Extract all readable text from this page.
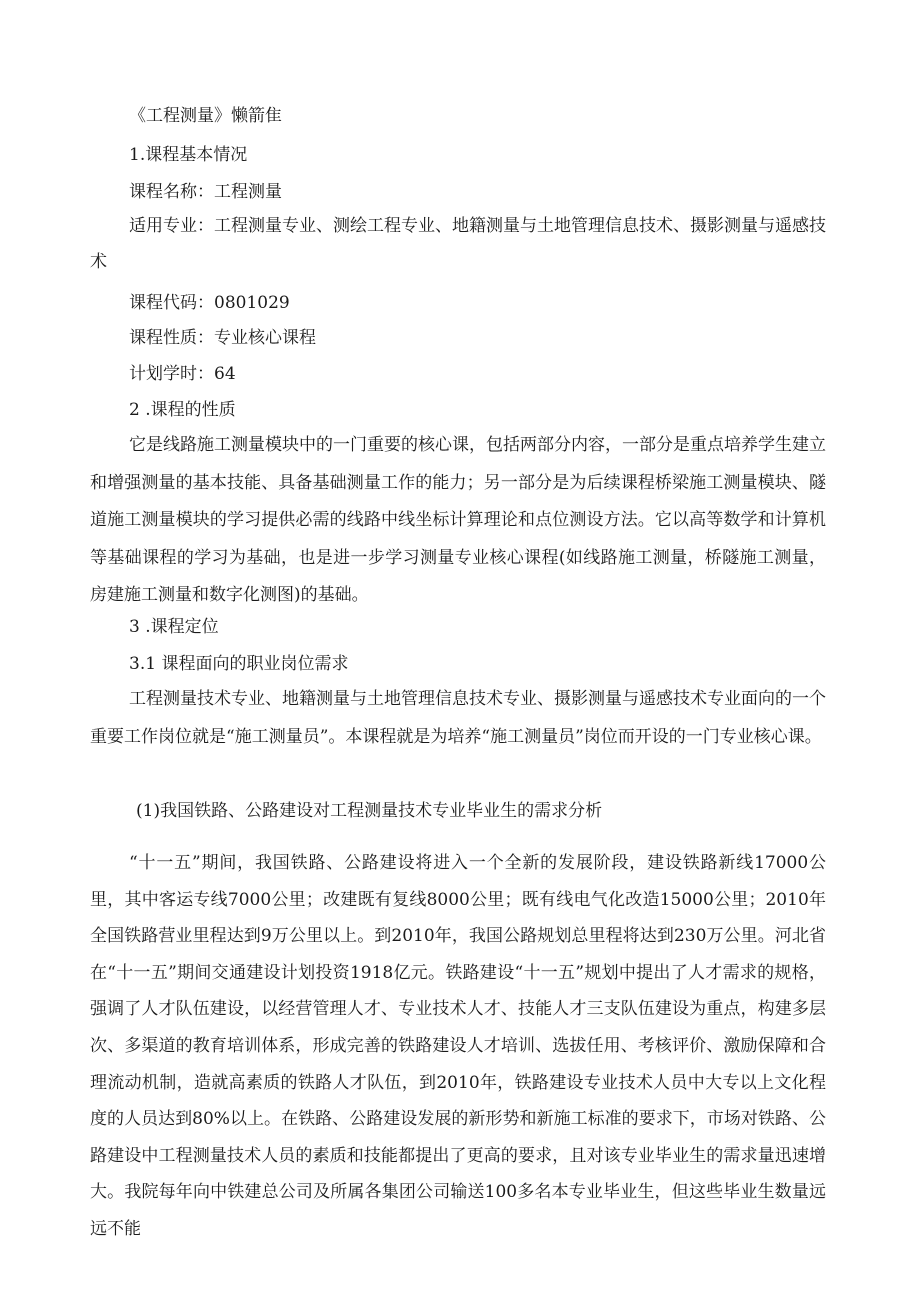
《工程测量》懒箭隹
1.课程基本情况
课程名称：工程测量
适用专业：工程测量专业、测绘工程专业、地籍测量与土地管理信息技术、摄影测量与遥感技术
课程代码：0801029
课程性质：专业核心课程
计划学时：64
2 .课程的性质
它是线路施工测量模块中的一门重要的核心课，包括两部分内容，一部分是重点培养学生建立和增强测量的基本技能、具备基础测量工作的能力；另一部分是为后续课程桥梁施工测量模块、隧道施工测量模块的学习提供必需的线路中线坐标计算理论和点位测设方法。它以高等数学和计算机等基础课程的学习为基础，也是进一步学习测量专业核心课程(如线路施工测量，桥隧施工测量，房建施工测量和数字化测图)的基础。
3 .课程定位
3.1 课程面向的职业岗位需求
工程测量技术专业、地籍测量与土地管理信息技术专业、摄影测量与遥感技术专业面向的一个重要工作岗位就是“施工测量员”。本课程就是为培养“施工测量员”岗位而开设的一门专业核心课。
(1)我国铁路、公路建设对工程测量技术专业毕业生的需求分析
“十一五”期间，我国铁路、公路建设将进入一个全新的发展阶段，建设铁路新线17000公里，其中客运专线7000公里；改建既有复线8000公里；既有线电气化改造15000公里；2010年全国铁路营业里程达到9万公里以上。到2010年，我国公路规划总里程将达到230万公里。河北省在“十一五”期间交通建设计划投资1918亿元。铁路建设“十一五”规划中提出了人才需求的规格，强调了人才队伍建设，以经营管理人才、专业技术人才、技能人才三支队伍建设为重点，构建多层次、多渠道的教育培训体系，形成完善的铁路建设人才培训、选拔任用、考核评价、激励保障和合理流动机制，造就高素质的铁路人才队伍，到2010年，铁路建设专业技术人员中大专以上文化程度的人员达到80%以上。在铁路、公路建设发展的新形势和新施工标准的要求下，市场对铁路、公路建设中工程测量技术人员的素质和技能都提出了更高的要求，且对该专业毕业生的需求量迅速增大。我院每年向中铁建总公司及所属各集团公司输送100多名本专业毕业生，但这些毕业生数量远远不能
